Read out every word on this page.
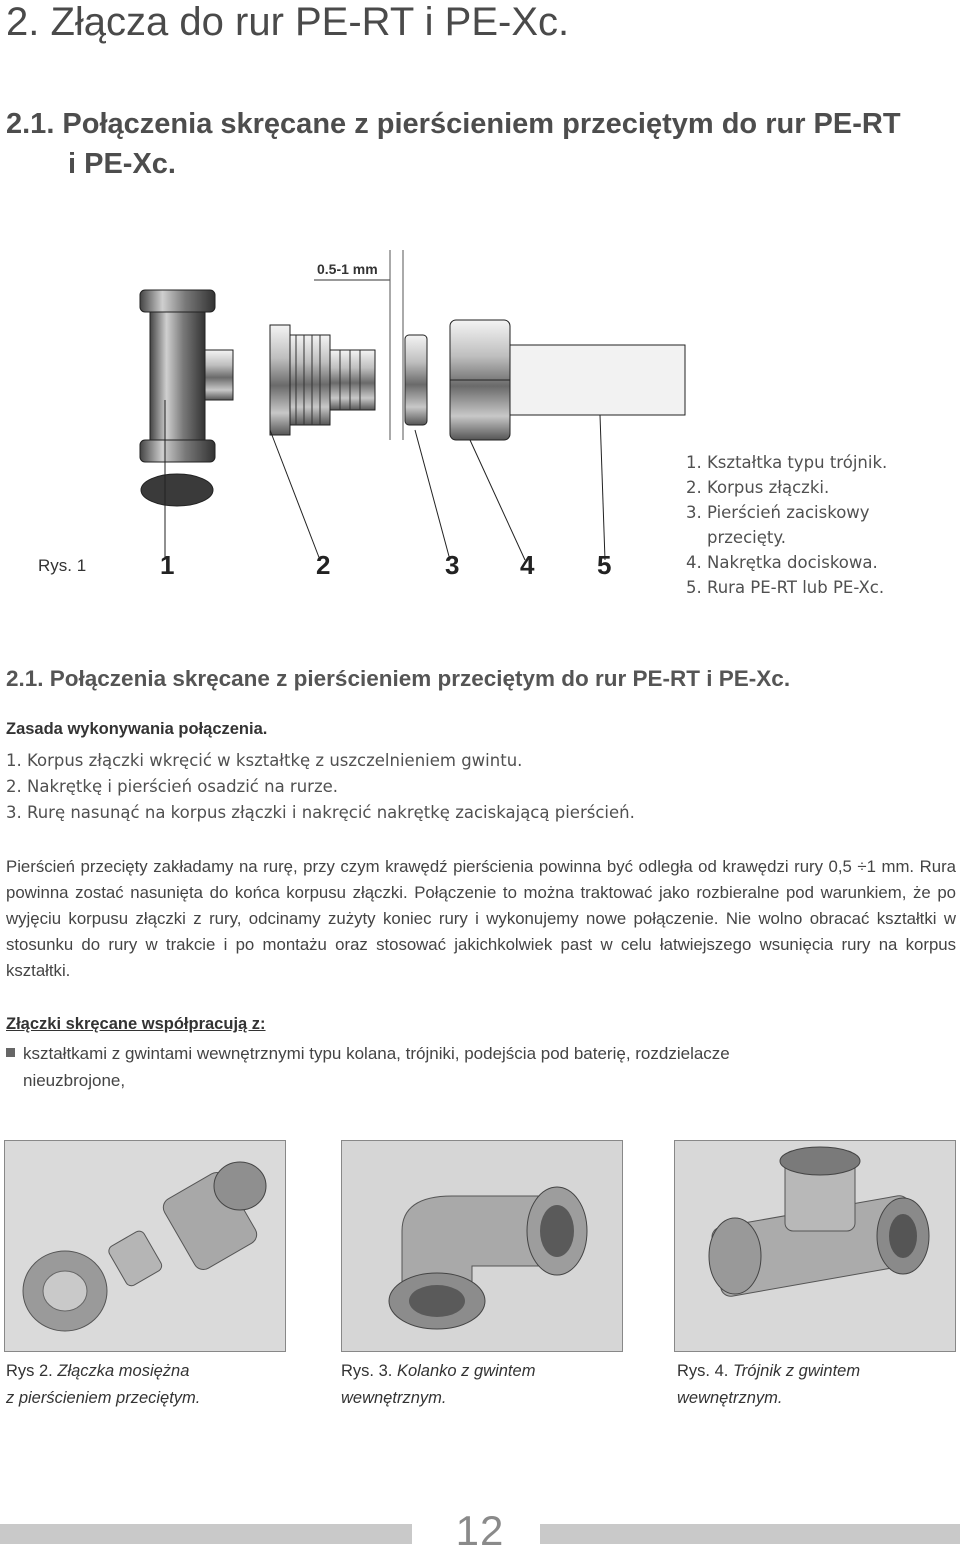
2. Złącza do rur PE-RT i PE-Xc.
2.1. Połączenia skręcane z pierścieniem przeciętym do rur PE-RT
i PE-Xc.
0.5-1 mm
1	2	3 4 5
Rys. 1
1. Kształtka typu trójnik.
2. Korpus złączki.
3. Pierścień zaciskowy
przecięty.
4. Nakrętka dociskowa.
5. Rura PE-RT lub PE-Xc.
2.1. Połączenia skręcane z pierścieniem przeciętym do rur PE-RT i PE-Xc.
Zasada wykonywania połączenia.
1. Korpus złączki wkręcić w kształtkę z uszczelnieniem gwintu.
2. Nakrętkę i pierścień osadzić na rurze.
3. Rurę nasunąć na korpus złączki i nakręcić nakrętkę zaciskającą pierścień.
Pierścień przecięty zakładamy na rurę, przy czym krawędź pierścienia powinna być odległa od krawędzi rury 0,5 ÷1 mm. Rura powinna zostać nasunięta do końca korpusu złączki. Połączenie to można traktować jako rozbieralne pod warunkiem, że po wyjęciu korpusu złączki z rury, odcinamy zużyty koniec rury i wykonujemy nowe połączenie. Nie wolno obracać kształtki w stosunku do rury w trakcie i po montażu oraz stosować jakichkolwiek past w celu łatwiejszego wsunięcia rury na korpus kształtki.
Złączki skręcane współpracują z:
kształtkami z gwintami wewnętrznymi typu kolana, trójniki, podejścia pod baterię, rozdzielacze
nieuzbrojone,
Rys 2. Złączka mosiężna
z pierścieniem przeciętym.
Rys. 3. Kolanko z gwintem
wewnętrznym.
Rys. 4. Trójnik z gwintem
wewnętrznym.
12
